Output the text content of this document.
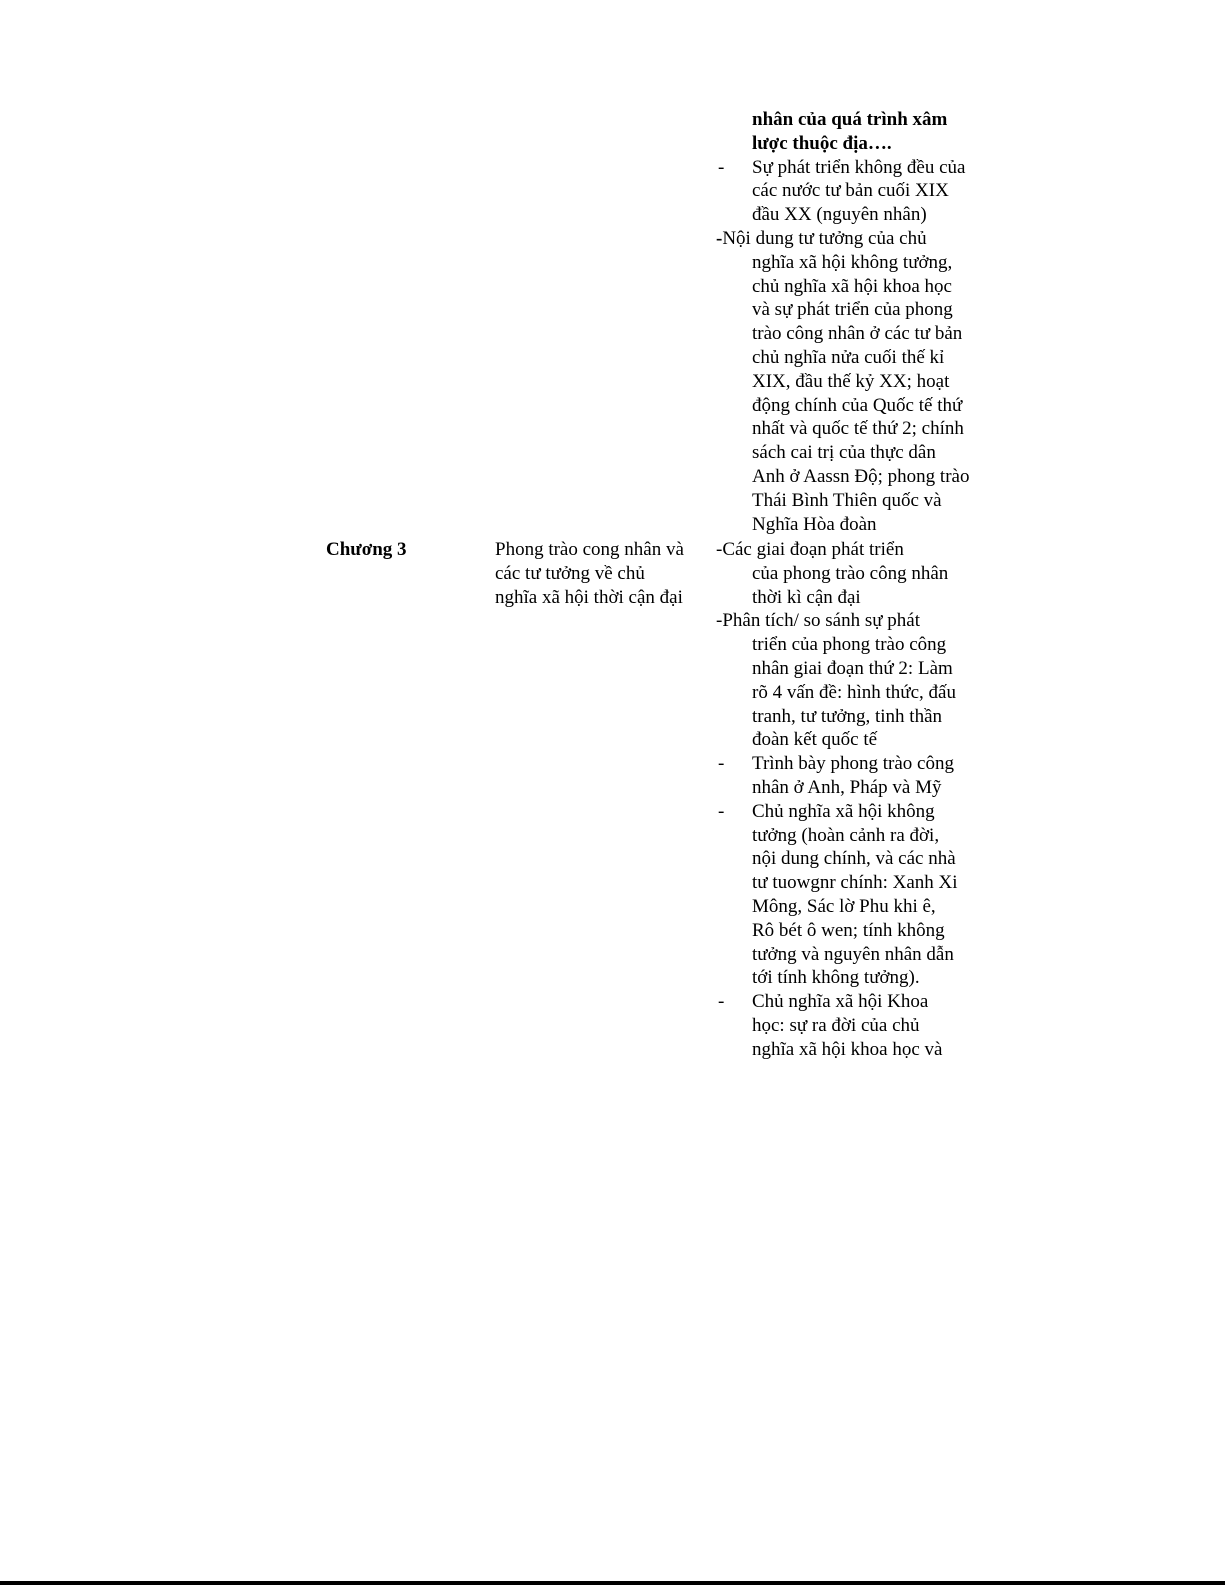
nhân của quá trình xâm
lược thuộc địa….
- Sự phát triển không đều của
các nước tư bản cuối XIX
đầu XX (nguyên nhân)
-Nội dung tư tưởng của chủ
nghĩa xã hội không tưởng,
chủ nghĩa xã hội khoa học
và sự phát triển của phong
trào công nhân ở các tư bản
chủ nghĩa nửa cuối thế kỉ
XIX, đầu thế kỷ XX; hoạt
động chính của Quốc tế thứ
nhất và quốc tế thứ 2; chính
sách cai trị của thực dân
Anh ở Aassn Độ; phong trào
Thái Bình Thiên quốc và
Nghĩa Hòa đoàn
Chương 3	Phong trào cong nhân và
các tư tưởng về chủ
nghĩa xã hội thời cận đại
-Các giai đoạn phát triển
của phong trào công nhân
thời kì cận đại
-Phân tích/ so sánh sự phát
triển của phong trào công
nhân giai đoạn thứ 2: Làm
rõ 4 vấn đề: hình thức, đấu
tranh, tư tưởng, tinh thần
đoàn kết quốc tế
- Trình bày phong trào công
nhân ở Anh, Pháp và Mỹ
- Chủ nghĩa xã hội không
tưởng (hoàn cảnh ra đời,
nội dung chính, và các nhà
tư tuowgnr chính: Xanh Xi
Mông, Sác lờ Phu khi ê,
Rô bét ô wen; tính không
tưởng và nguyên nhân dẫn
tới tính không tưởng).
- Chủ nghĩa xã hội Khoa
học: sự ra đời của chủ
nghĩa xã hội khoa học và
